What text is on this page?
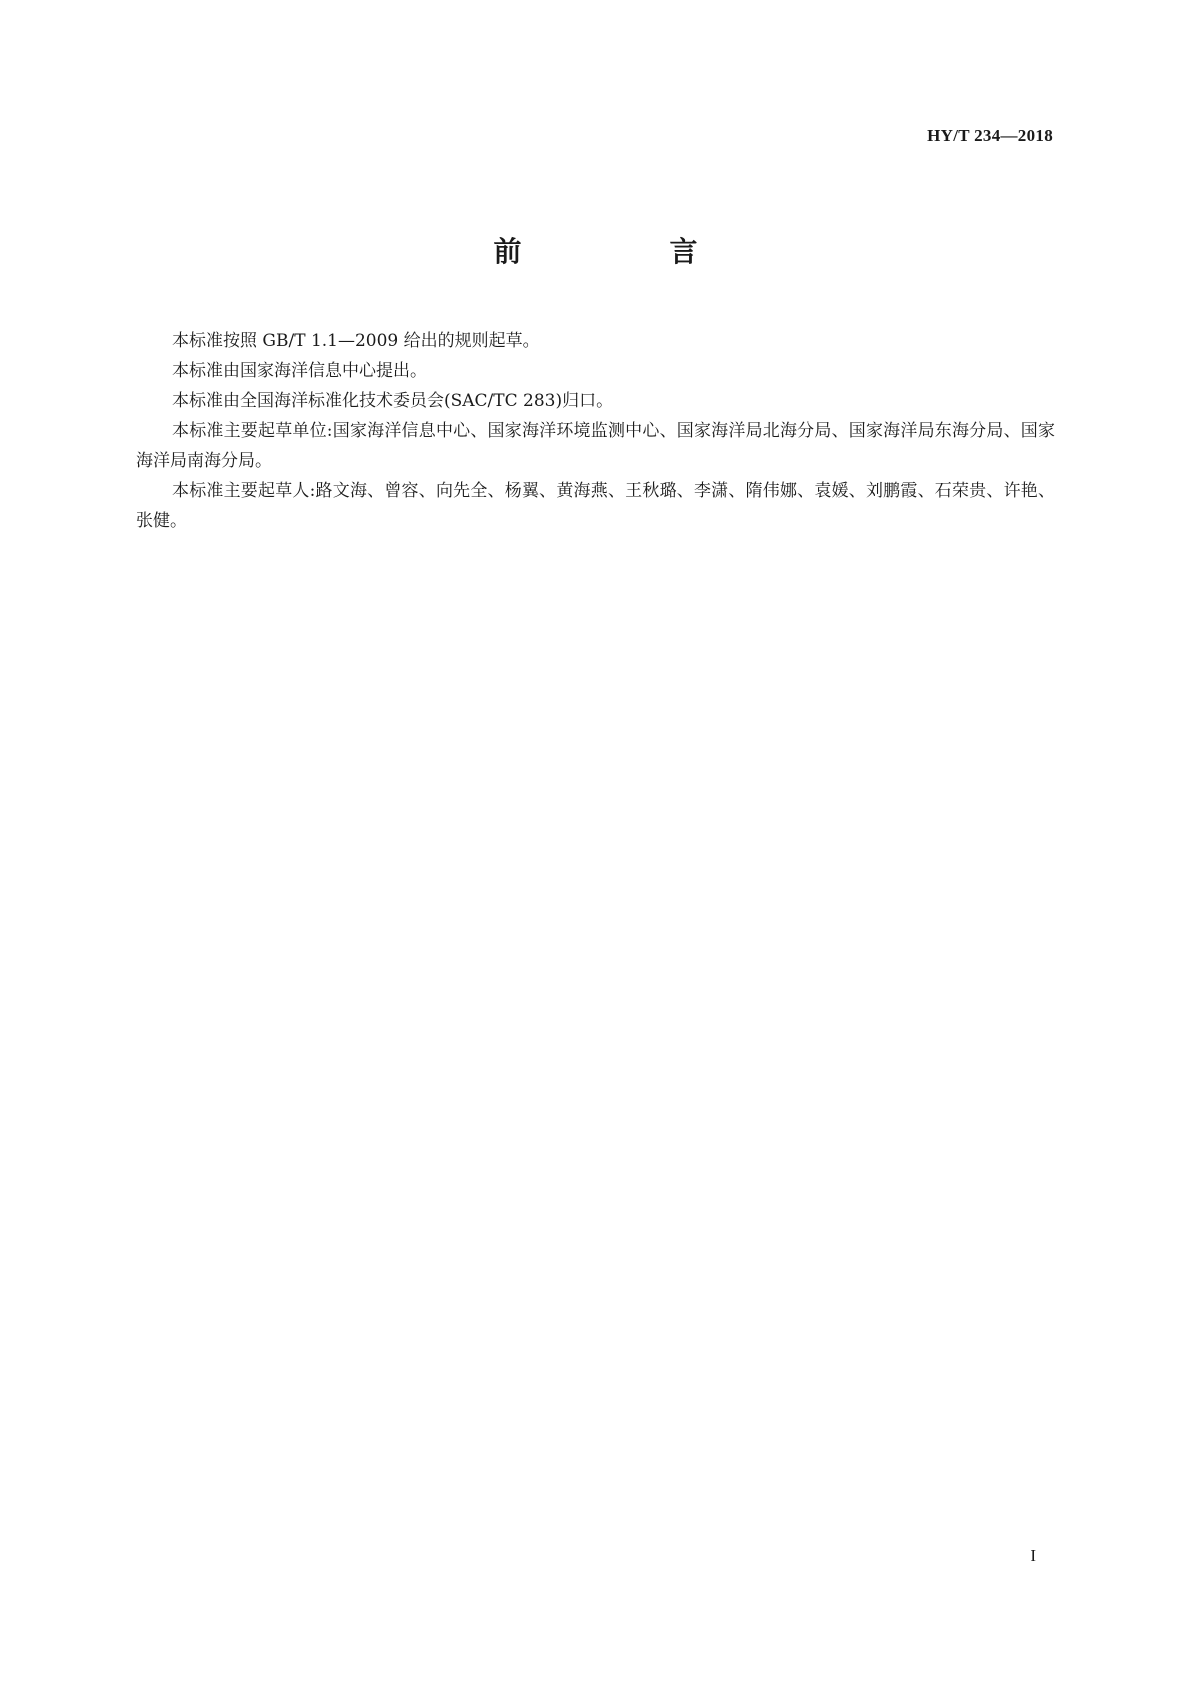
HY/T 234—2018
前　言

本标准按照 GB/T 1.1—2009 给出的规则起草。

本标准由国家海洋信息中心提出。

本标准由全国海洋标准化技术委员会(SAC/TC 283)归口。

本标准主要起草单位:国家海洋信息中心、国家海洋环境监测中心、国家海洋局北海分局、国家海洋局东海分局、国家海洋局南海分局。

本标准主要起草人:路文海、曾容、向先全、杨翼、黄海燕、王秋璐、李潇、隋伟娜、袁媛、刘鹏霞、石荣贵、许艳、张健。

I
